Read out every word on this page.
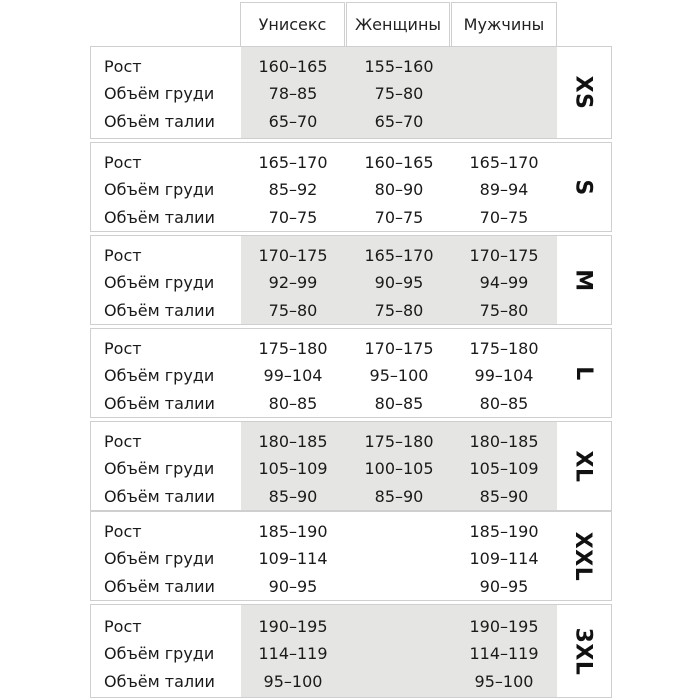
Унисекс	Женщины	Мужчины
Рост
Объём груди
Объём талии
160–165
78–85
65–70
155–160
75–80
65–70
XS
Рост
Объём груди
Объём талии
165–170
85–92
70–75
160–165
80–90
70–75
165–170
89–94
70–75
S
Рост
Объём груди
Объём талии
170–175
92–99
75–80
165–170
90–95
75–80
170–175
94–99
75–80
M
Рост
Объём груди
Объём талии
175–180
99–104
80–85
170–175
95–100
80–85
175–180
99–104
80–85
L
Рост
Объём груди
Объём талии
180–185
105–109
85–90
175–180
100–105
85–90
180–185
105–109
85–90
XL
Рост
Объём груди
Объём талии
185–190
109–114
90–95
185–190
109–114
90–95
XXL
Рост
Объём груди
Объём талии
190–195
114–119
95–100
190–195
114–119
95–100
3XL
